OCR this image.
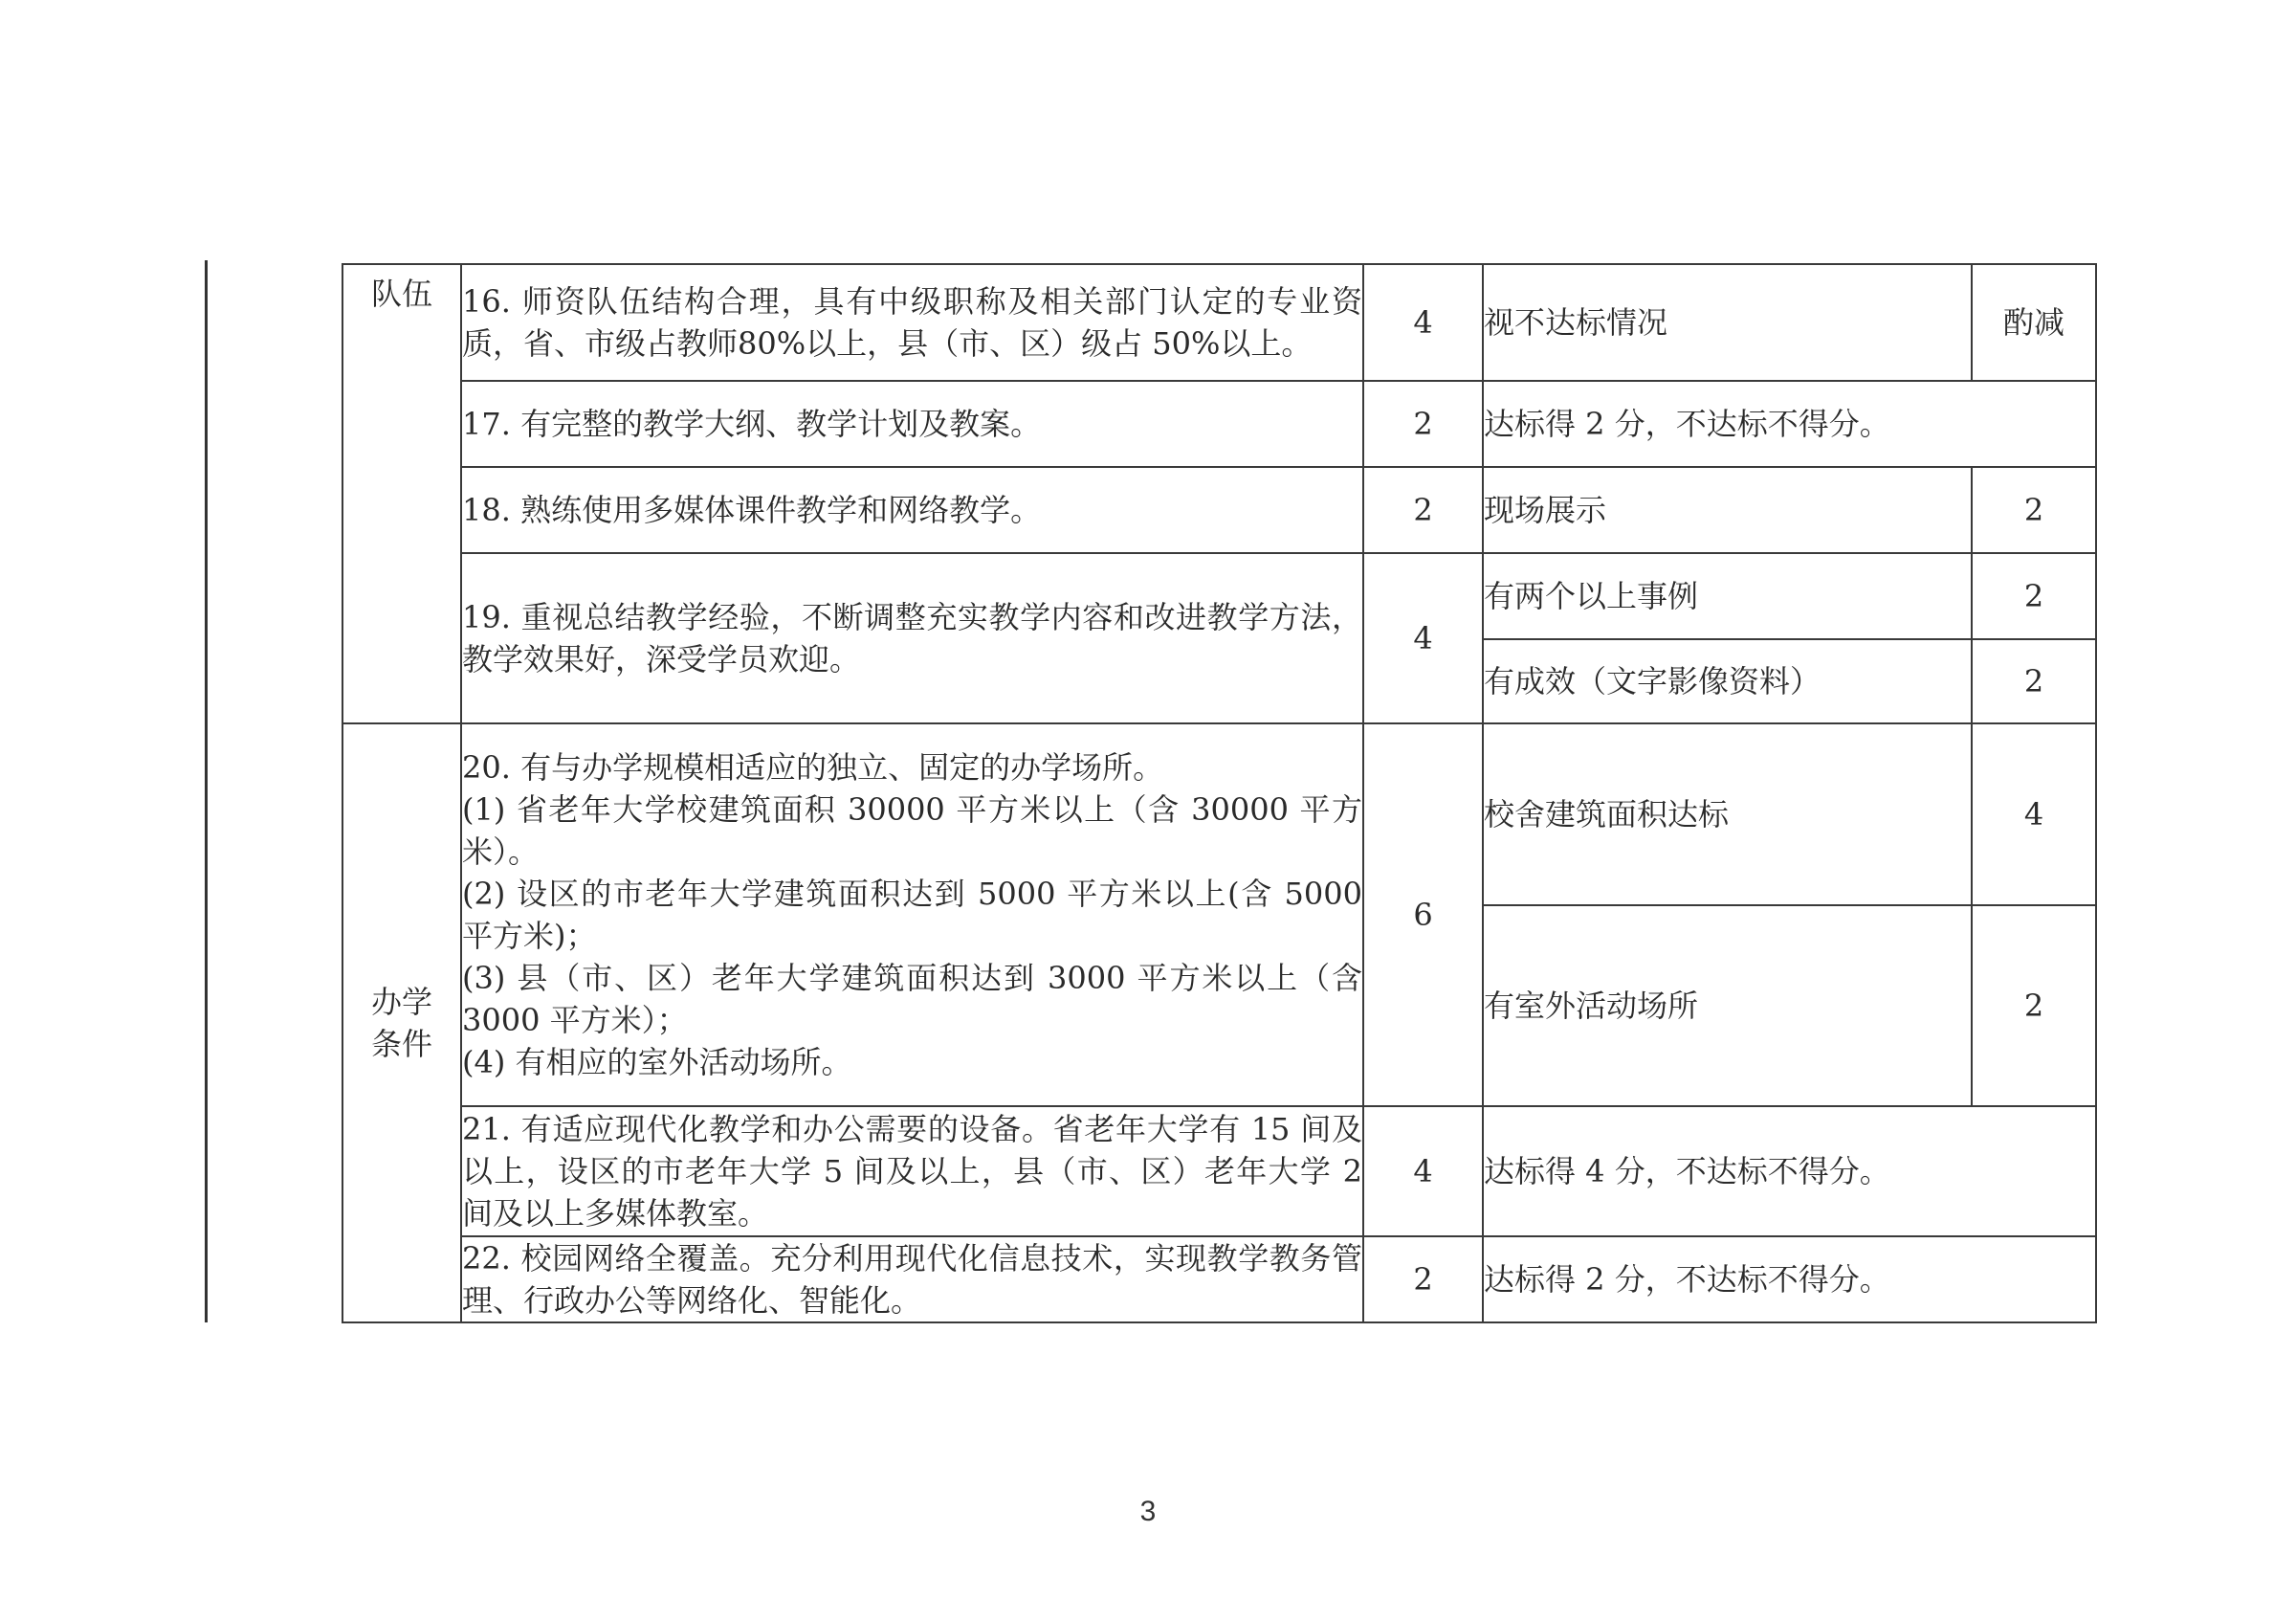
队伍	16. 师资队伍结构合理，具有中级职称及相关部门认定的专业资质，省、市级占教师80%以上，县（市、区）级占 50%以上。	4	视不达标情况	酌减
	17. 有完整的教学大纲、教学计划及教案。	2	达标得 2 分，不达标不得分。	
	18. 熟练使用多媒体课件教学和网络教学。	2	现场展示	2
	19. 重视总结教学经验，不断调整充实教学内容和改进教学方法，教学效果好，深受学员欢迎。	4	有两个以上事例	2
			有成效（文字影像资料）	2

办学
条件	20. 有与办学规模相适应的独立、固定的办学场所。
(1) 省老年大学校建筑面积 30000 平方米以上（含 30000 平方米）。
(2) 设区的市老年大学建筑面积达到 5000 平方米以上(含 5000 平方米)；
(3) 县（市、区）老年大学建筑面积达到 3000 平方米以上（含 3000 平方米）；
(4) 有相应的室外活动场所。	6	校舍建筑面积达标	4
			有室外活动场所	2
	21. 有适应现代化教学和办公需要的设备。省老年大学有 15 间及以上，设区的市老年大学 5 间及以上，县（市、区）老年大学 2 间及以上多媒体教室。	4	达标得 4 分，不达标不得分。	
	22. 校园网络全覆盖。充分利用现代化信息技术，实现教学教务管理、行政办公等网络化、智能化。	2	达标得 2 分，不达标不得分。	
3
